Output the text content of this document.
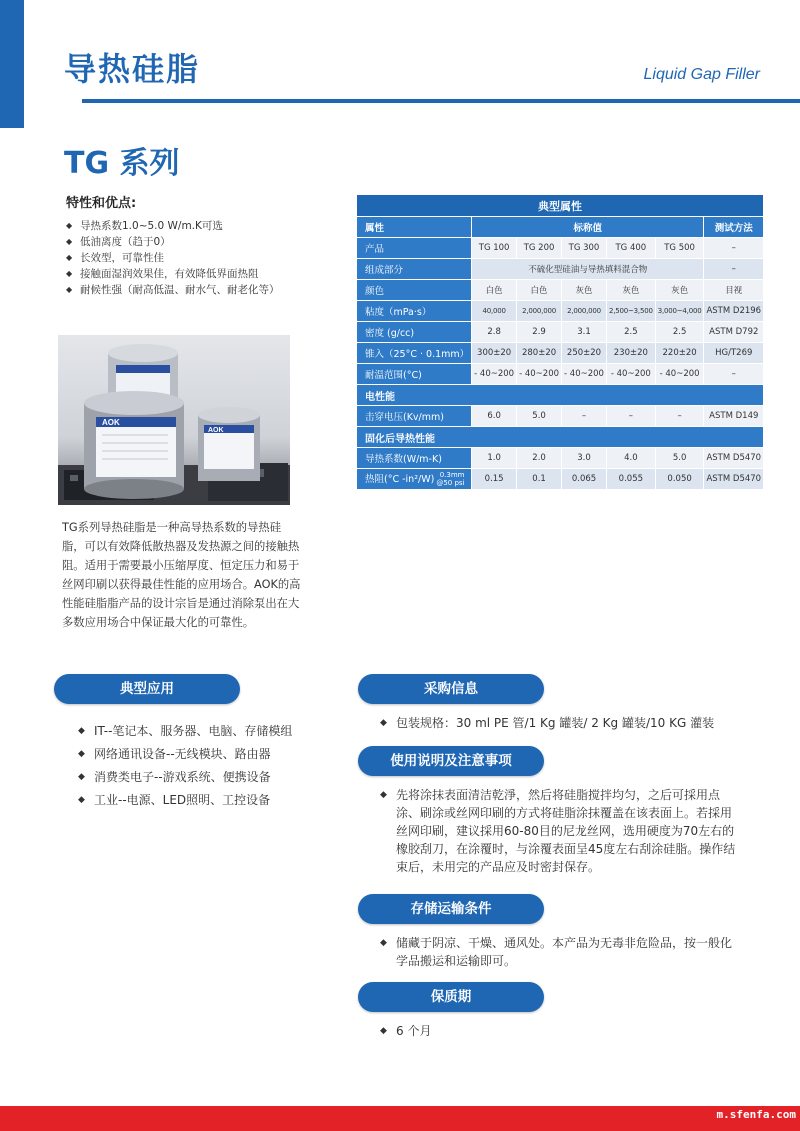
导热硅脂	Liquid Gap Filler
TG 系列
特性和优点:
◆ 导热系数1.0~5.0 W/m.K可选
◆ 低油离度（趋于0）
◆ 长效型，可靠性佳
◆ 接触面湿润效果佳，有效降低界面热阻
◆ 耐候性强（耐高低温、耐水气、耐老化等）
AOK
AOK
TG系列导热硅脂是一种高导热系数的导热硅脂，可以有效降低散热器及发热源之间的接触热阻。适用于需要最小压缩厚度、恒定压力和易于丝网印刷以获得最佳性能的应用场合。AOK的高性能硅脂脂产品的设计宗旨是通过消除泵出在大多数应用场合中保证最大化的可靠性。
典型属性						
属性	标称值					测试方法
产品	TG 100	TG 200	TG 300	TG 400	TG 500	–
组成部分	不硫化型硅油与导热填料混合物					–
颜色	白色	白色	灰色	灰色	灰色	目视
粘度（mPa·s）	40,000	2,000,000	2,000,000	2,500~3,500	3,000~4,000	ASTM D2196
密度 (g/cc)	2.8	2.9	3.1	2.5	2.5	ASTM D792
锥入（25°C · 0.1mm）	300±20	280±20	250±20	230±20	220±20	HG/T269
耐温范围(°C)	- 40~200	- 40~200	- 40~200	- 40~200	- 40~200	–
电性能						
击穿电压(Kv/mm)	6.0	5.0	–	–	–	ASTM D149
固化后导热性能						
导热系数(W/m-K)	1.0	2.0	3.0	4.0	5.0	ASTM D5470
热阻(°C -in²/W) 0.3mm
@50 psi	0.15	0.1	0.065	0.055	0.050	ASTM D5470
典型应用
◆ IT--笔记本、服务器、电脑、存储模组
◆ 网络通讯设备--无线模块、路由器
◆ 消费类电子--游戏系统、便携设备
◆ 工业--电源、LED照明、工控设备
采购信息
◆ 包装规格：30 ml PE 管/1 Kg 罐装/ 2 Kg 罐装/10 KG 灌装
使用说明及注意事项
◆ 先将涂抹表面清洁乾淨，然后将硅脂搅拌均匀，之后可採用点涂、刷涂或丝网印刷的方式将硅脂涂抹覆盖在该表面上。若採用丝网印刷，建议採用60-80目的尼龙丝网，选用硬度为70左右的橡胶刮刀，在涂覆时，与涂覆表面呈45度左右刮涂硅脂。操作结束后，未用完的产品应及时密封保存。
存储运输条件
◆ 储藏于阴凉、干燥、通风处。本产品为无毒非危险品，按一般化学品搬运和运输即可。
保质期
◆ 6 个月
m.sfenfa.com
